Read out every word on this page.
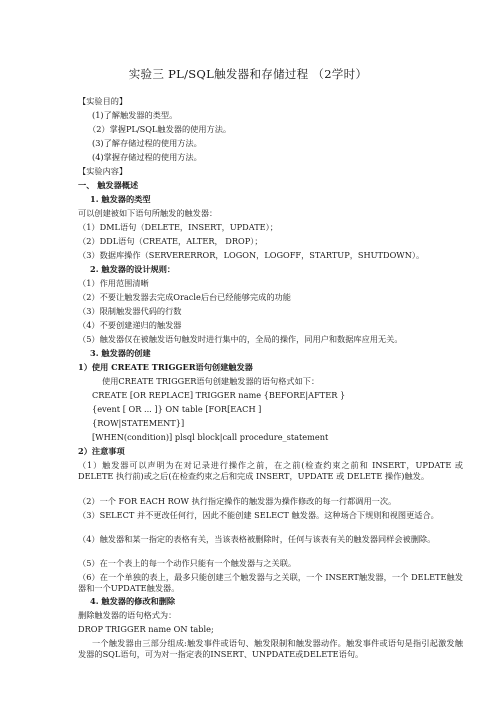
实验三 PL/SQL触发器和存储过程 （2学时）
【实验目的】
(1)了解触发器的类型。
（2）掌握PL/SQL触发器的使用方法。
(3)了解存储过程的使用方法。
(4)掌握存储过程的使用方法。
【实验内容】
一、 触发器概述
1. 触发器的类型
可以创建被如下语句所触发的触发器：
（1）DML语句（DELETE，INSERT，UPDATE）；
（2）DDL语句（CREATE，ALTER， DROP）；
（3）数据库操作（SERVERERROR，LOGON，LOGOFF，STARTUP，SHUTDOWN）。
2. 触发器的设计规则：
（1）作用范围清晰
（2）不要让触发器去完成Oracle后台已经能够完成的功能
（3）限制触发器代码的行数
（4）不要创建递归的触发器
（5）触发器仅在被触发语句触发时进行集中的，全局的操作，同用户和数据库应用无关。
3. 触发器的创建
1）使用 CREATE TRIGGER语句创建触发器
使用CREATE TRIGGER语句创建触发器的语句格式如下：
CREATE [OR REPLACE] TRIGGER name {BEFORE|AFTER }
{event [ OR ... ]} ON table [FOR[EACH ]
{ROW|STATEMENT}]
[WHEN(condition)] plsql block|call procedure_statement
2）注意事项
（1）触发器可以声明为在对记录进行操作之前，在之前(检查约束之前和 INSERT，UPDATE 或 DELETE 执行前)或之后(在检查约束之后和完成 INSERT，UPDATE 或 DELETE 操作)触发。
（2）一个 FOR EACH ROW 执行指定操作的触发器为操作修改的每一行都调用一次。
（3）SELECT 并不更改任何行，因此不能创建 SELECT 触发器。这种场合下规则和视图更适合。
（4）触发器和某一指定的表格有关，当该表格被删除时，任何与该表有关的触发器同样会被删除。
（5）在一个表上的每一个动作只能有一个触发器与之关联。
（6）在一个单独的表上，最多只能创建三个触发器与之关联，一个 INSERT触发器，一个 DELETE触发器和一个UPDATE触发器。
4. 触发器的修改和删除
删除触发器的语句格式为：
DROP TRIGGER name ON table;
一个触发器由三部分组成:触发事件或语句、触发限制和触发器动作。触发事件或语句是指引起激发触发器的SQL语句，可为对一指定表的INSERT、UNPDATE或DELETE语句。
